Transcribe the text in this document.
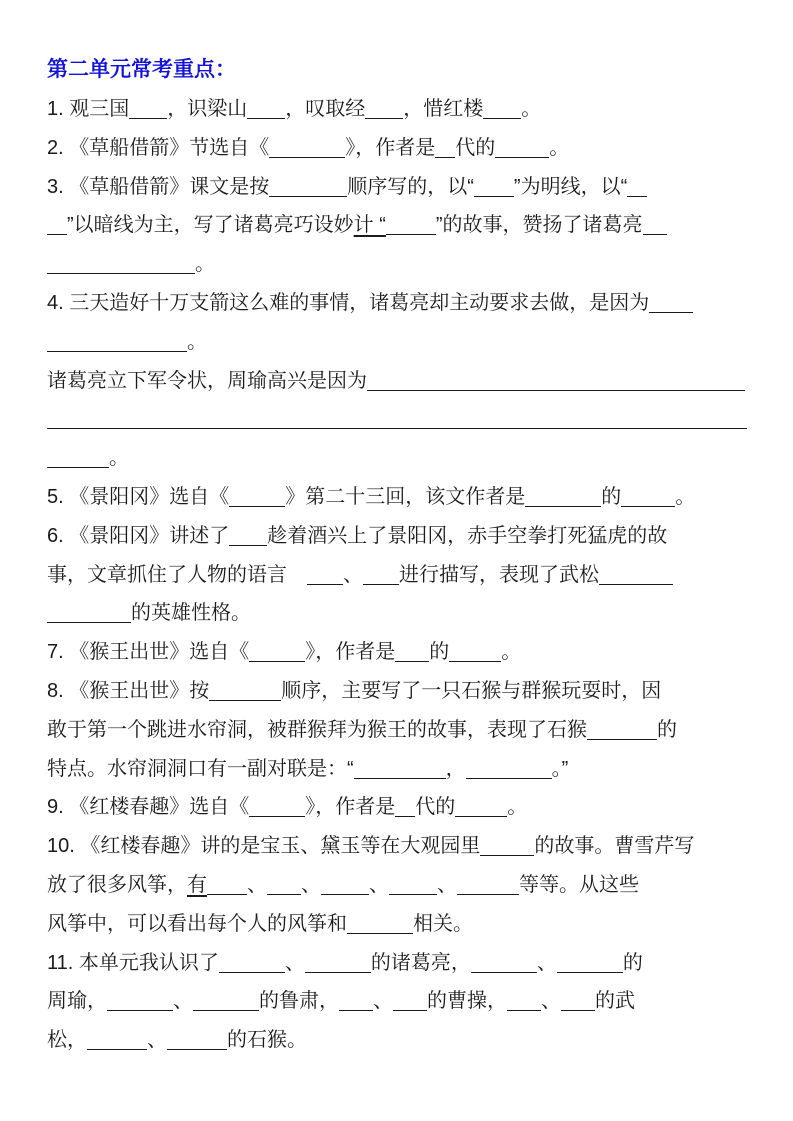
第二单元常考重点：
1. 观三国 ，识梁山 ，叹取经 ，惜红楼 。
2. 《草船借箭》节选自《	》，作者是 代的	。
3. 《草船借箭》课文是按	顺序写的，以“ ”为明线，以“
”以暗线为主，写了诸葛亮巧设妙计 “	”的故事，赞扬了诸葛亮
。
4. 三天造好十万支箭这么难的事情，诸葛亮却主动要求去做，是因为
。
诸葛亮立下军令状，周瑜高兴是因为
。
5. 《景阳冈》选自《	》第二十三回，该文作者是	的	。
6. 《景阳冈》讲述了 趁着酒兴上了景阳冈，赤手空拳打死猛虎的故
事，文章抓住了人物的语言　、 进行描写，表现了武松
的英雄性格。
7. 《猴王出世》选自《	》，作者是 的	。
8. 《猴王出世》按	顺序，主要写了一只石猴与群猴玩耍时，因
敢于第一个跳进水帘洞，被群猴拜为猴王的故事，表现了石猴	的
特点。水帘洞洞口有一副对联是：“	，	。”
9. 《红楼春趣》选自《	》，作者是 代的	。
10. 《红楼春趣》讲的是宝玉、黛玉等在大观园里	的故事。曹雪芹写
放了很多风筝，有 、 、 、 、	等等。从这些
风筝中，可以看出每个人的风筝和	相关。
11. 本单元我认识了	、	的诸葛亮，	、	的
周瑜，	、	的鲁肃， 、 的曹操， 、 的武
松，	、	的石猴。
